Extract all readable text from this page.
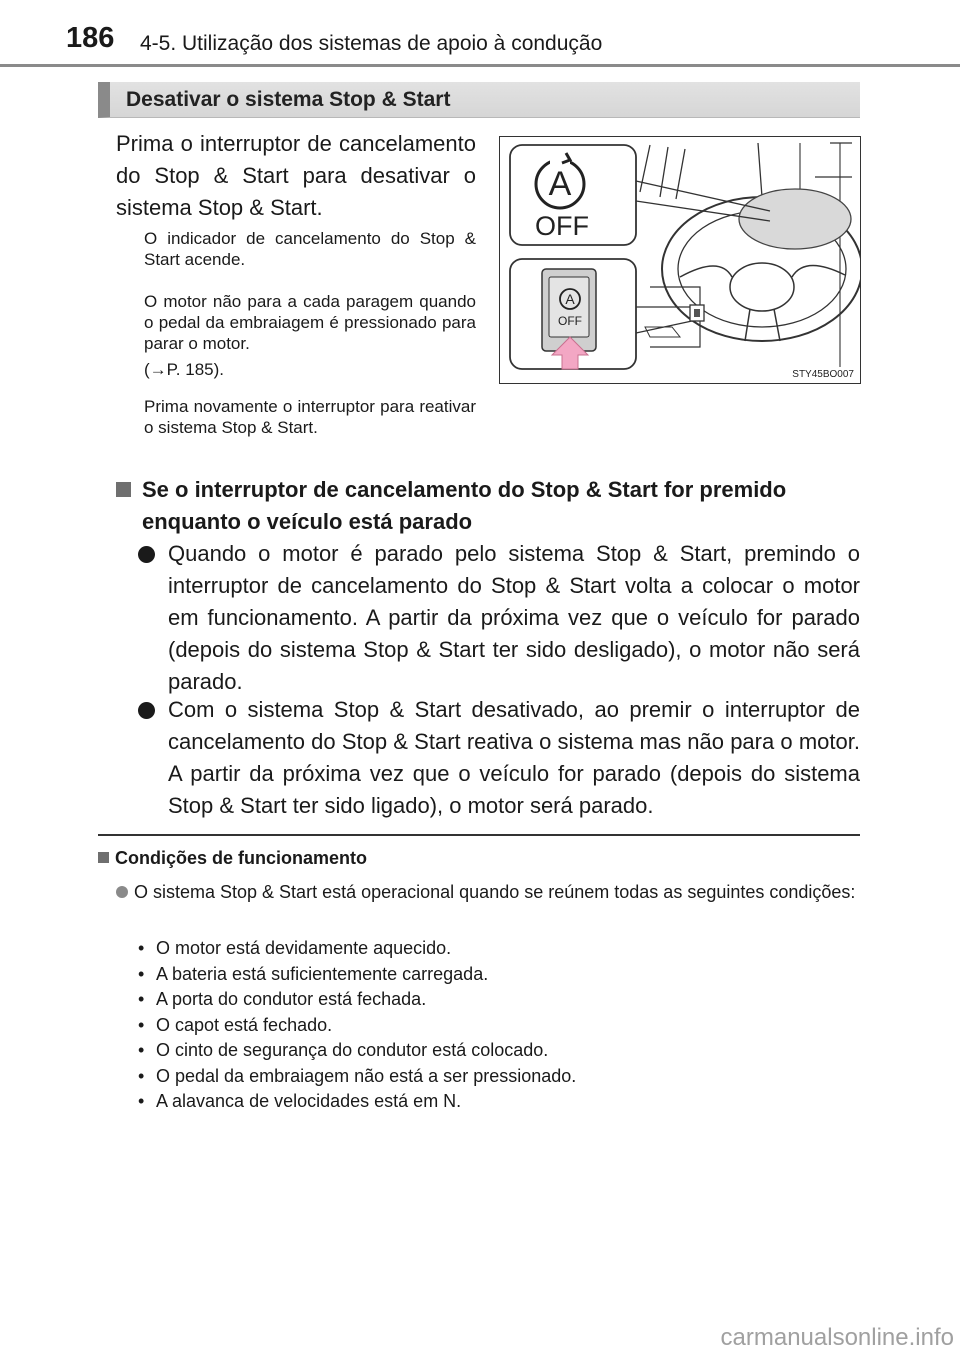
186 4-5. Utilização dos sistemas de apoio à condução
Desativar o sistema Stop & Start
Prima o interruptor de cancelamento do Stop & Start para desativar o sistema Stop & Start.
O indicador de cancelamento do Stop & Start acende.
O motor não para a cada paragem quando o pedal da embraiagem é pressionado para parar o motor.
(→P. 185).
Prima novamente o interruptor para reativar o sistema Stop & Start.
A
OFF
A
OFF
STY45BO007
Se o interruptor de cancelamento do Stop & Start for premido enquanto o veículo está parado
Quando o motor é parado pelo sistema Stop & Start, premindo o interruptor de cancelamento do Stop & Start volta a colocar o motor em funcionamento. A partir da próxima vez que o veículo for parado (depois do sistema Stop & Start ter sido desligado), o motor não será parado.
Com o sistema Stop & Start desativado, ao premir o interruptor de cancelamento do Stop & Start reativa o sistema mas não para o motor. A partir da próxima vez que o veículo for parado (depois do sistema Stop & Start ter sido ligado), o motor será parado.
Condições de funcionamento
O sistema Stop & Start está operacional quando se reúnem todas as seguintes condições:
• O motor está devidamente aquecido.
• A bateria está suficientemente carregada.
• A porta do condutor está fechada.
• O capot está fechado.
• O cinto de segurança do condutor está colocado.
• O pedal da embraiagem não está a ser pressionado.
• A alavanca de velocidades está em N.
carmanualsonline.info
